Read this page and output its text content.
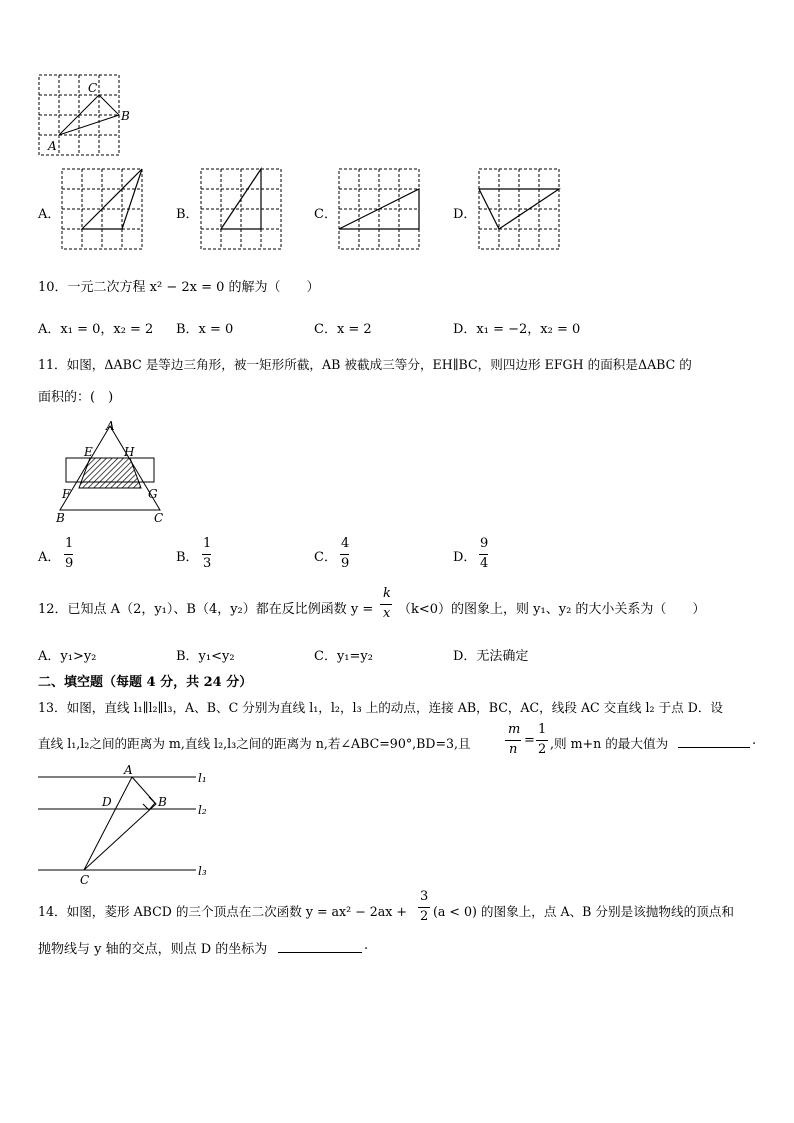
C
B
A
A．	B．	C．	D．
10．一元二次方程 x² − 2x = 0 的解为（　　）
A．x₁ = 0，x₂ = 2 B．x = 0	C．x = 2	D．x₁ = −2，x₂ = 0
11．如图，ΔABC 是等边三角形，被一矩形所截，AB 被截成三等分，EH∥BC，则四边形 EFGH 的面积是ΔABC 的
面积的：(　)
A
E	H
F	G
B	C
A．
1
9	B．
1
3	C．
4
9	D．
9
4
12．已知点 A（2，y₁）、B（4，y₂）都在反比例函数 y =
k
x （k<0）的图象上，则 y₁、y₂ 的大小关系为（　　）
A．y₁>y₂	B．y₁<y₂	C．y₁=y₂	D．无法确定
二、填空题（每题 4 分，共 24 分）
13．如图，直线 l₁∥l₂∥l₃，A、B、C 分别为直线 l₁，l₂，l₃ 上的动点，连接 AB，BC，AC，线段 AC 交直线 l₂ 于点 D．设
直线 l₁,l₂之间的距离为 m,直线 l₂,l₃之间的距离为 n,若∠ABC=90°,BD=3,且
m
n
=
1
2 ,则 m+n 的最大值为	.
A
D	B
C
l₁
l₂
l₃
14．如图，菱形 ABCD 的三个顶点在二次函数 y = ax² − 2ax +
3
2 (a < 0) 的图象上，点 A、B 分别是该抛物线的顶点和
抛物线与 y 轴的交点，则点 D 的坐标为	.
